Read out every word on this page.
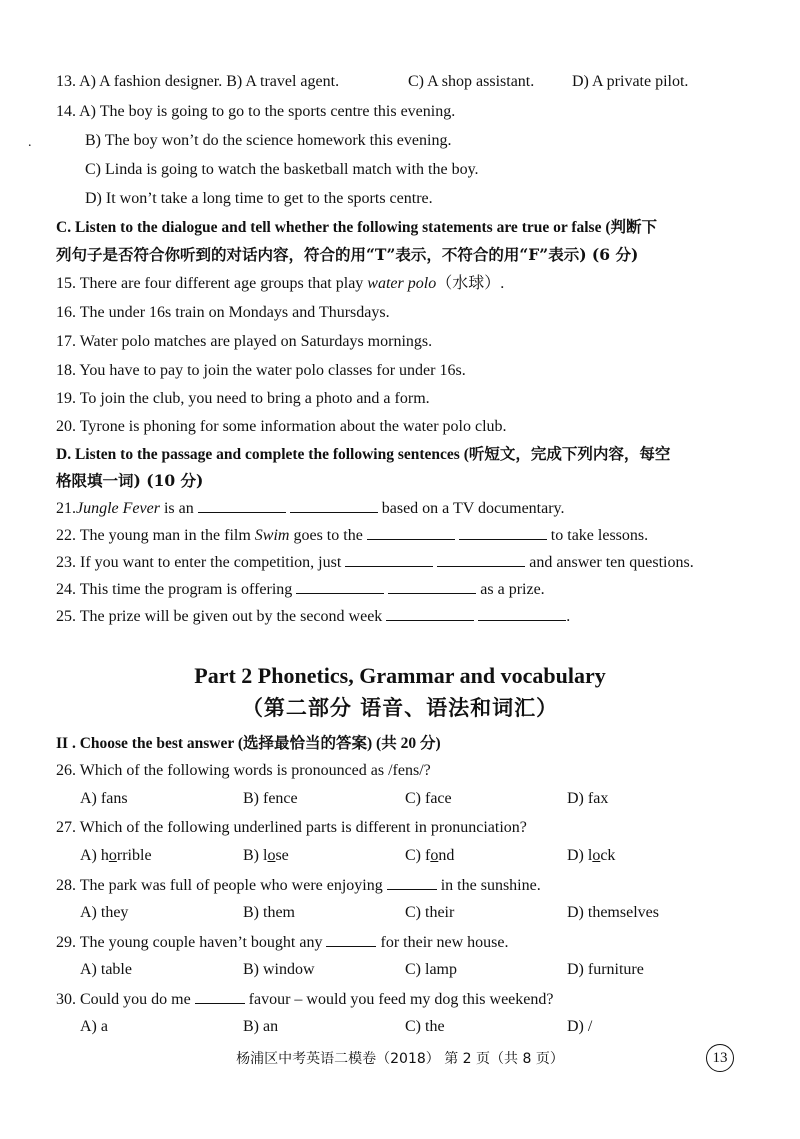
13. A) A fashion designer. B) A travel agent.	C) A shop assistant. D) A private pilot.
14. A) The boy is going to go to the sports centre this evening.
.	B) The boy won’t do the science homework this evening.
C) Linda is going to watch the basketball match with the boy.
D) It won’t take a long time to get to the sports centre.
C. Listen to the dialogue and tell whether the following statements are true or false (判断下
列句子是否符合你听到的对话内容，符合的用“T”表示，不符合的用“F”表示) (6 分)
15. There are four different age groups that play water polo（水球）.
16. The under 16s train on Mondays and Thursdays.
17. Water polo matches are played on Saturdays mornings.
18. You have to pay to join the water polo classes for under 16s.
19. To join the club, you need to bring a photo and a form.
20. Tyrone is phoning for some information about the water polo club.
D. Listen to the passage and complete the following sentences (听短文，完成下列内容，每空
格限填一词) (10 分)
21.Jungle Fever is an	based on a TV documentary.
22. The young man in the film Swim goes to the	to take lessons.
23. If you want to enter the competition, just	and answer ten questions.
24. This time the program is offering	as a prize.
25. The prize will be given out by the second week	.
Part 2 Phonetics, Grammar and vocabulary
（第二部分 语音、语法和词汇）
II . Choose the best answer (选择最恰当的答案) (共 20 分)
26. Which of the following words is pronounced as /fens/?
A) fans	B) fence	C) face	D) fax
27. Which of the following underlined parts is different in pronunciation?
A) horrible	B) lose	C) fond	D) lock
28. The park was full of people who were enjoying	in the sunshine.
A) they	B) them	C) their	D) themselves
29. The young couple haven’t bought any	for their new house.
A) table	B) window	C) lamp	D) furniture
30. Could you do me	favour – would you feed my dog this weekend?
A) a	B) an	C) the	D) /
杨浦区中考英语二模卷（2018） 第 2 页（共 8 页）	13
